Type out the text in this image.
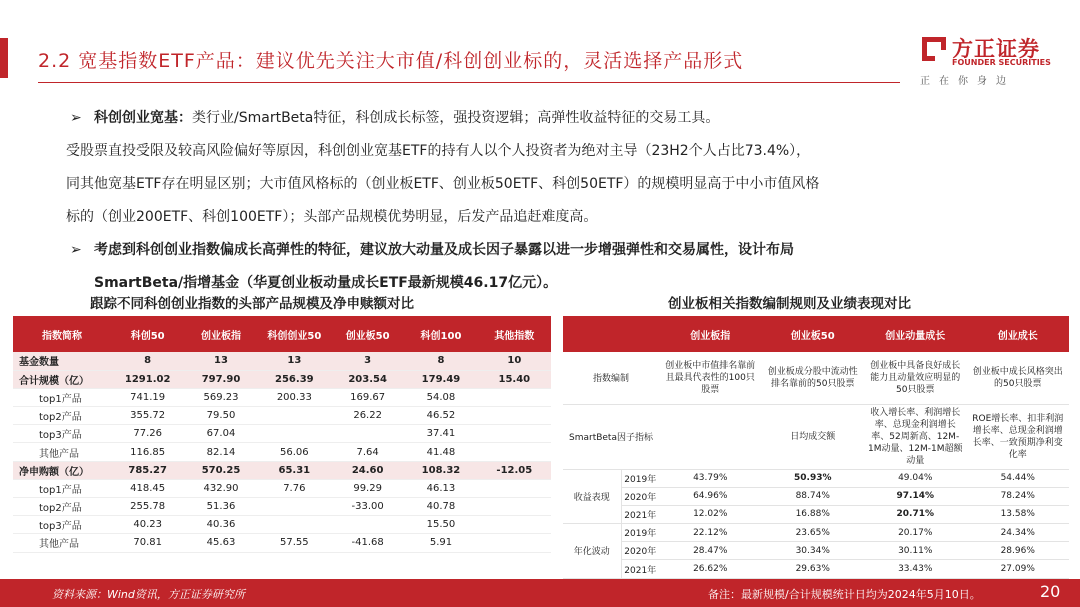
2.2 宽基指数ETF产品：建议优先关注大市值/科创创业标的，灵活选择产品形式	方正证券
FOUNDER SECURITIES
正在你身边

➢ 科创创业宽基：类行业/SmartBeta特征，科创成长标签，强投资逻辑；高弹性收益特征的交易工具。

受股票直投受限及较高风险偏好等原因，科创创业宽基ETF的持有人以个人投资者为绝对主导（23H2个人占比73.4%），

同其他宽基ETF存在明显区别；大市值风格标的（创业板ETF、创业板50ETF、科创50ETF）的规模明显高于中小市值风格

标的（创业200ETF、科创100ETF）；头部产品规模优势明显，后发产品追赶难度高。

➢ 考虑到科创创业指数偏成长高弹性的特征，建议放大动量及成长因子暴露以进一步增强弹性和交易属性，设计布局

SmartBeta/指增基金（华夏创业板动量成长ETF最新规模46.17亿元）。

跟踪不同科创创业指数的头部产品规模及净申赎额对比	创业板相关指数编制规则及业绩表现对比
指数简称	科创50	创业板指	科创创业50	创业板50	科创100	其他指数
基金数量	8	13	13	3	8	10
合计规模（亿）	1291.02	797.90	256.39	203.54	179.49	15.40
top1产品	741.19	569.23	200.33	169.67	54.08	
top2产品	355.72	79.50		26.22	46.52	
top3产品	77.26	67.04			37.41	
其他产品	116.85	82.14	56.06	7.64	41.48	
净申购额（亿）	785.27	570.25	65.31	24.60	108.32	-12.05
top1产品	418.45	432.90	7.76	99.29	46.13	
top2产品	255.78	51.36		-33.00	40.78	
top3产品	40.23	40.36			15.50	
其他产品	70.81	45.63	57.55	-41.68	5.91	
		创业板指	创业板50	创业动量成长	创业成长
指数编制		创业板中市值排名靠前且最具代表性的100只股票	创业板成分股中流动性排名靠前的50只股票	创业板中具备良好成长能力且动量效应明显的50只股票	创业板中成长风格突出的50只股票
SmartBeta因子指标			日均成交额	收入增长率、利润增长率、总现金利润增长率、52周新高、12M-1M动量、12M-1M超额动量	ROE增长率、扣非利润增长率、总现金利润增长率、一致预期净利变化率
收益表现	2019年	43.79%	50.93%	49.04%	54.44%
	2020年	64.96%	88.74%	97.14%	78.24%
	2021年	12.02%	16.88%	20.71%	13.58%
年化波动	2019年	22.12%	23.65%	20.17%	24.34%
	2020年	28.47%	30.34%	30.11%	28.96%
	2021年	26.62%	29.63%	33.43%	27.09%
资料来源：Wind资讯，方正证券研究所	备注：最新规模/合计规模统计日均为2024年5月10日。	20
